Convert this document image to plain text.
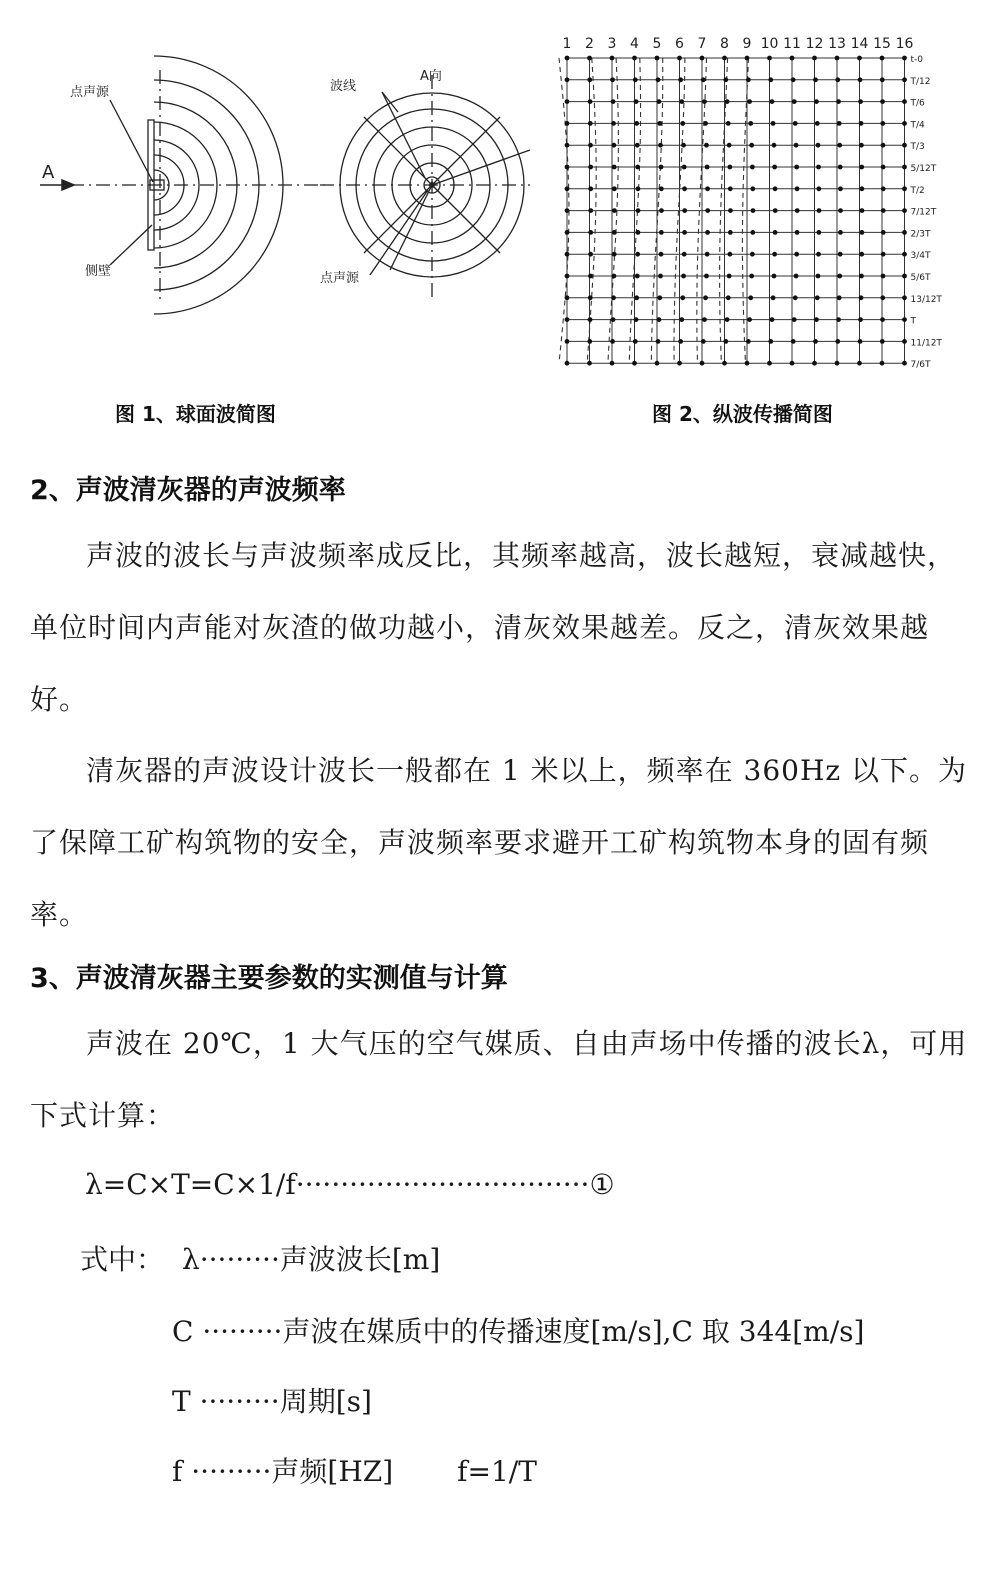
A
点声源
侧壁
波线
A向
点声源
1 2 3 4 5 6 7 8 9 10 11 12 13 14 15 16
t-0
T/12
T/6
T/4
T/3
5/12T
T/2
7/12T
2/3T
3/4T
5/6T
13/12T
T
11/12T
7/6T
图 1、球面波简图	图 2、纵波传播简图
2、声波清灰器的声波频率

声波的波长与声波频率成反比，其频率越高，波长越短，衰减越快，单位时间内声能对灰渣的做功越小，清灰效果越差。反之，清灰效果越好。

清灰器的声波设计波长一般都在 1 米以上，频率在 360Hz 以下。为了保障工矿构筑物的安全，声波频率要求避开工矿构筑物本身的固有频率。

3、声波清灰器主要参数的实测值与计算

声波在 20℃，1 大气压的空气媒质、自由声场中传播的波长λ，可用下式计算：

λ=C×T=C×1/f·································①
式中： λ·········声波波长[m]
C ·········声波在媒质中的传播速度[m/s],C 取 344[m/s]
T ·········周期[s]
f ·········声频[HZ] f=1/T
